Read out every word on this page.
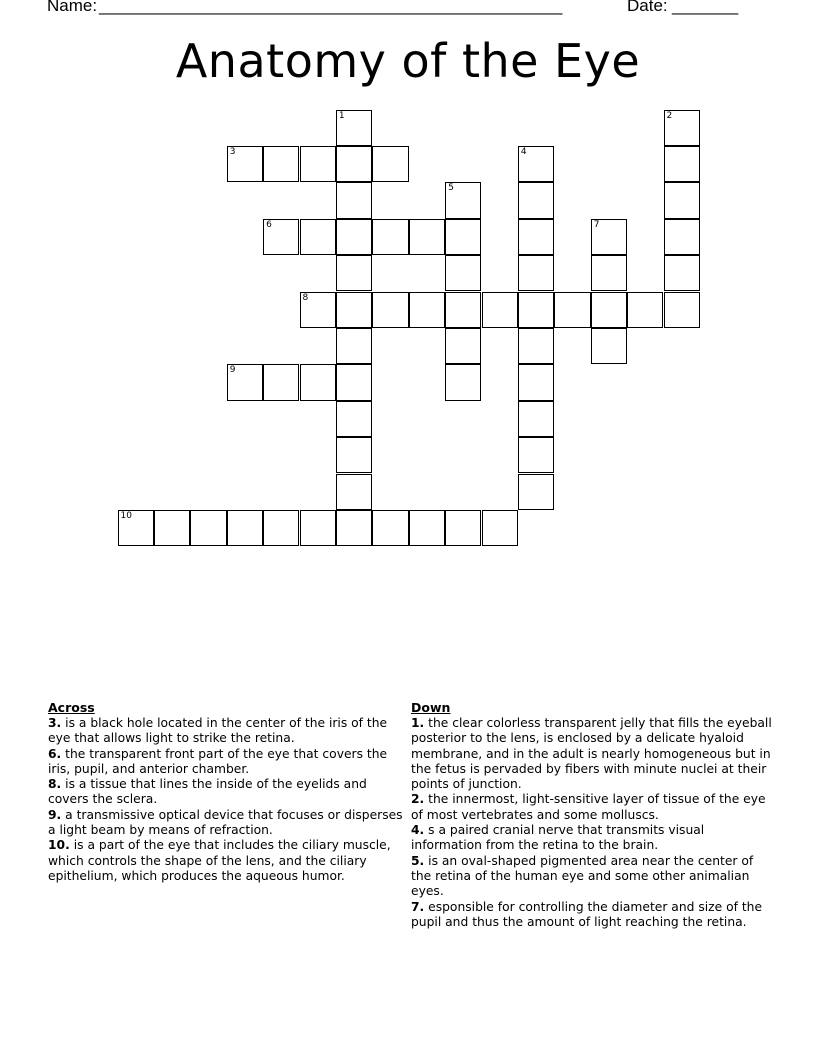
Name: _________________________________________________	Date: _______
Anatomy of the Eye
1	2
3	4
5
6	7
8
9
10
Across

3. is a black hole located in the center of the iris of the eye that allows light to strike the retina.

6. the transparent front part of the eye that covers the iris, pupil, and anterior chamber.

8. is a tissue that lines the inside of the eyelids and covers the sclera.

9. a transmissive optical device that focuses or disperses a light beam by means of refraction.

10. is a part of the eye that includes the ciliary muscle, which controls the shape of the lens, and the ciliary epithelium, which produces the aqueous humor.

Down

1. the clear colorless transparent jelly that fills the eyeball posterior to the lens, is enclosed by a delicate hyaloid membrane, and in the adult is nearly homogeneous but in the fetus is pervaded by fibers with minute nuclei at their points of junction.

2. the innermost, light-sensitive layer of tissue of the eye of most vertebrates and some molluscs.

4. s a paired cranial nerve that transmits visual information from the retina to the brain.

5. is an oval-shaped pigmented area near the center of the retina of the human eye and some other animalian eyes.

7. esponsible for controlling the diameter and size of the pupil and thus the amount of light reaching the retina.
